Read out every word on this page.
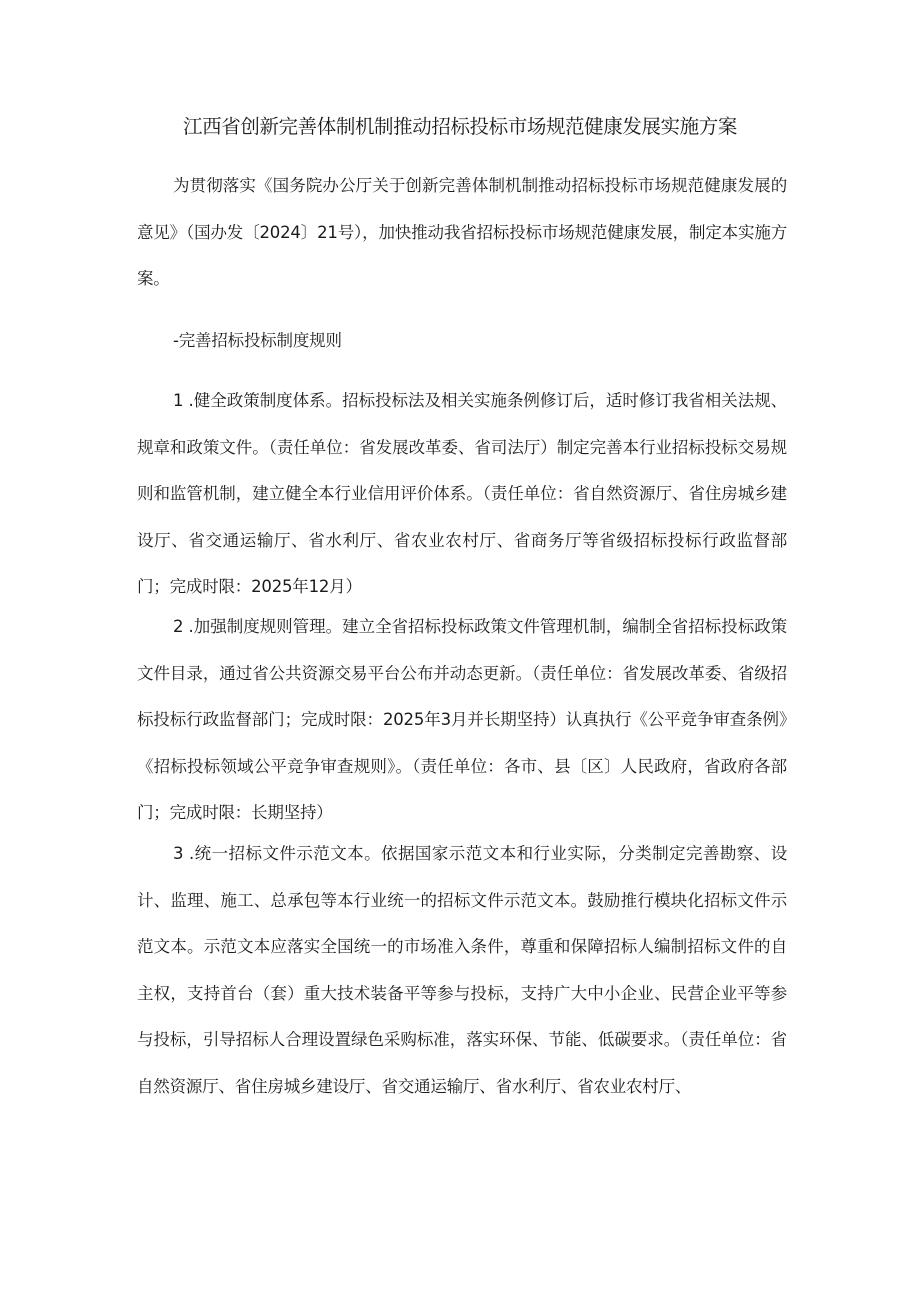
江西省创新完善体制机制推动招标投标市场规范健康发展实施方案

为贯彻落实《国务院办公厅关于创新完善体制机制推动招标投标市场规范健康发展的意见》（国办发〔2024〕21号），加快推动我省招标投标市场规范健康发展，制定本实施方案。

-完善招标投标制度规则

1 .健全政策制度体系。招标投标法及相关实施条例修订后，适时修订我省相关法规、规章和政策文件。（责任单位：省发展改革委、省司法厅）制定完善本行业招标投标交易规则和监管机制，建立健全本行业信用评价体系。（责任单位：省自然资源厅、省住房城乡建设厅、省交通运输厅、省水利厅、省农业农村厅、省商务厅等省级招标投标行政监督部门；完成时限：2025年12月）

2 .加强制度规则管理。建立全省招标投标政策文件管理机制，编制全省招标投标政策文件目录，通过省公共资源交易平台公布并动态更新。（责任单位：省发展改革委、省级招标投标行政监督部门；完成时限：2025年3月并长期坚持）认真执行《公平竞争审查条例》《招标投标领域公平竞争审查规则》。（责任单位：各市、县〔区〕人民政府，省政府各部门；完成时限：长期坚持）

3 .统一招标文件示范文本。依据国家示范文本和行业实际，分类制定完善勘察、设计、监理、施工、总承包等本行业统一的招标文件示范文本。鼓励推行模块化招标文件示范文本。示范文本应落实全国统一的市场准入条件，尊重和保障招标人编制招标文件的自主权，支持首台（套）重大技术装备平等参与投标，支持广大中小企业、民营企业平等参与投标，引导招标人合理设置绿色采购标准，落实环保、节能、低碳要求。（责任单位：省自然资源厅、省住房城乡建设厅、省交通运输厅、省水利厅、省农业农村厅、
